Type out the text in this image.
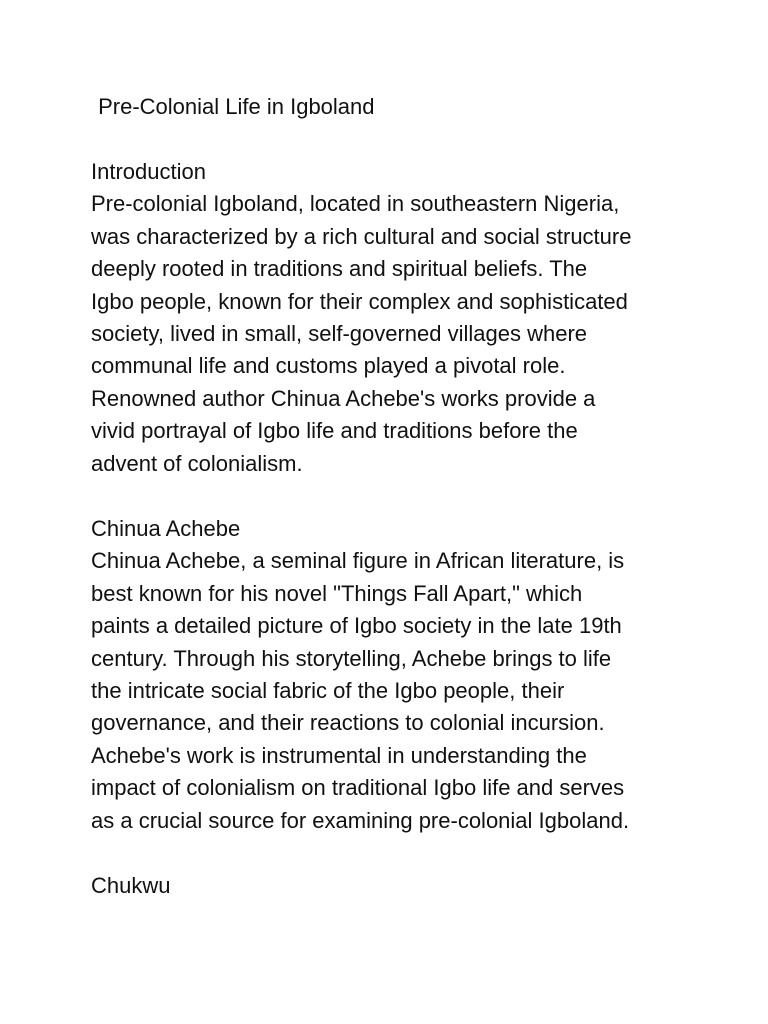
Pre-Colonial Life in Igboland
Introduction

Pre-colonial Igboland, located in southeastern Nigeria,
was characterized by a rich cultural and social structure
deeply rooted in traditions and spiritual beliefs. The
Igbo people, known for their complex and sophisticated
society, lived in small, self-governed villages where
communal life and customs played a pivotal role.
Renowned author Chinua Achebe's works provide a
vivid portrayal of Igbo life and traditions before the
advent of colonialism.

Chinua Achebe

Chinua Achebe, a seminal figure in African literature, is
best known for his novel "Things Fall Apart," which
paints a detailed picture of Igbo society in the late 19th
century. Through his storytelling, Achebe brings to life
the intricate social fabric of the Igbo people, their
governance, and their reactions to colonial incursion.
Achebe's work is instrumental in understanding the
impact of colonialism on traditional Igbo life and serves
as a crucial source for examining pre-colonial Igboland.

Chukwu
